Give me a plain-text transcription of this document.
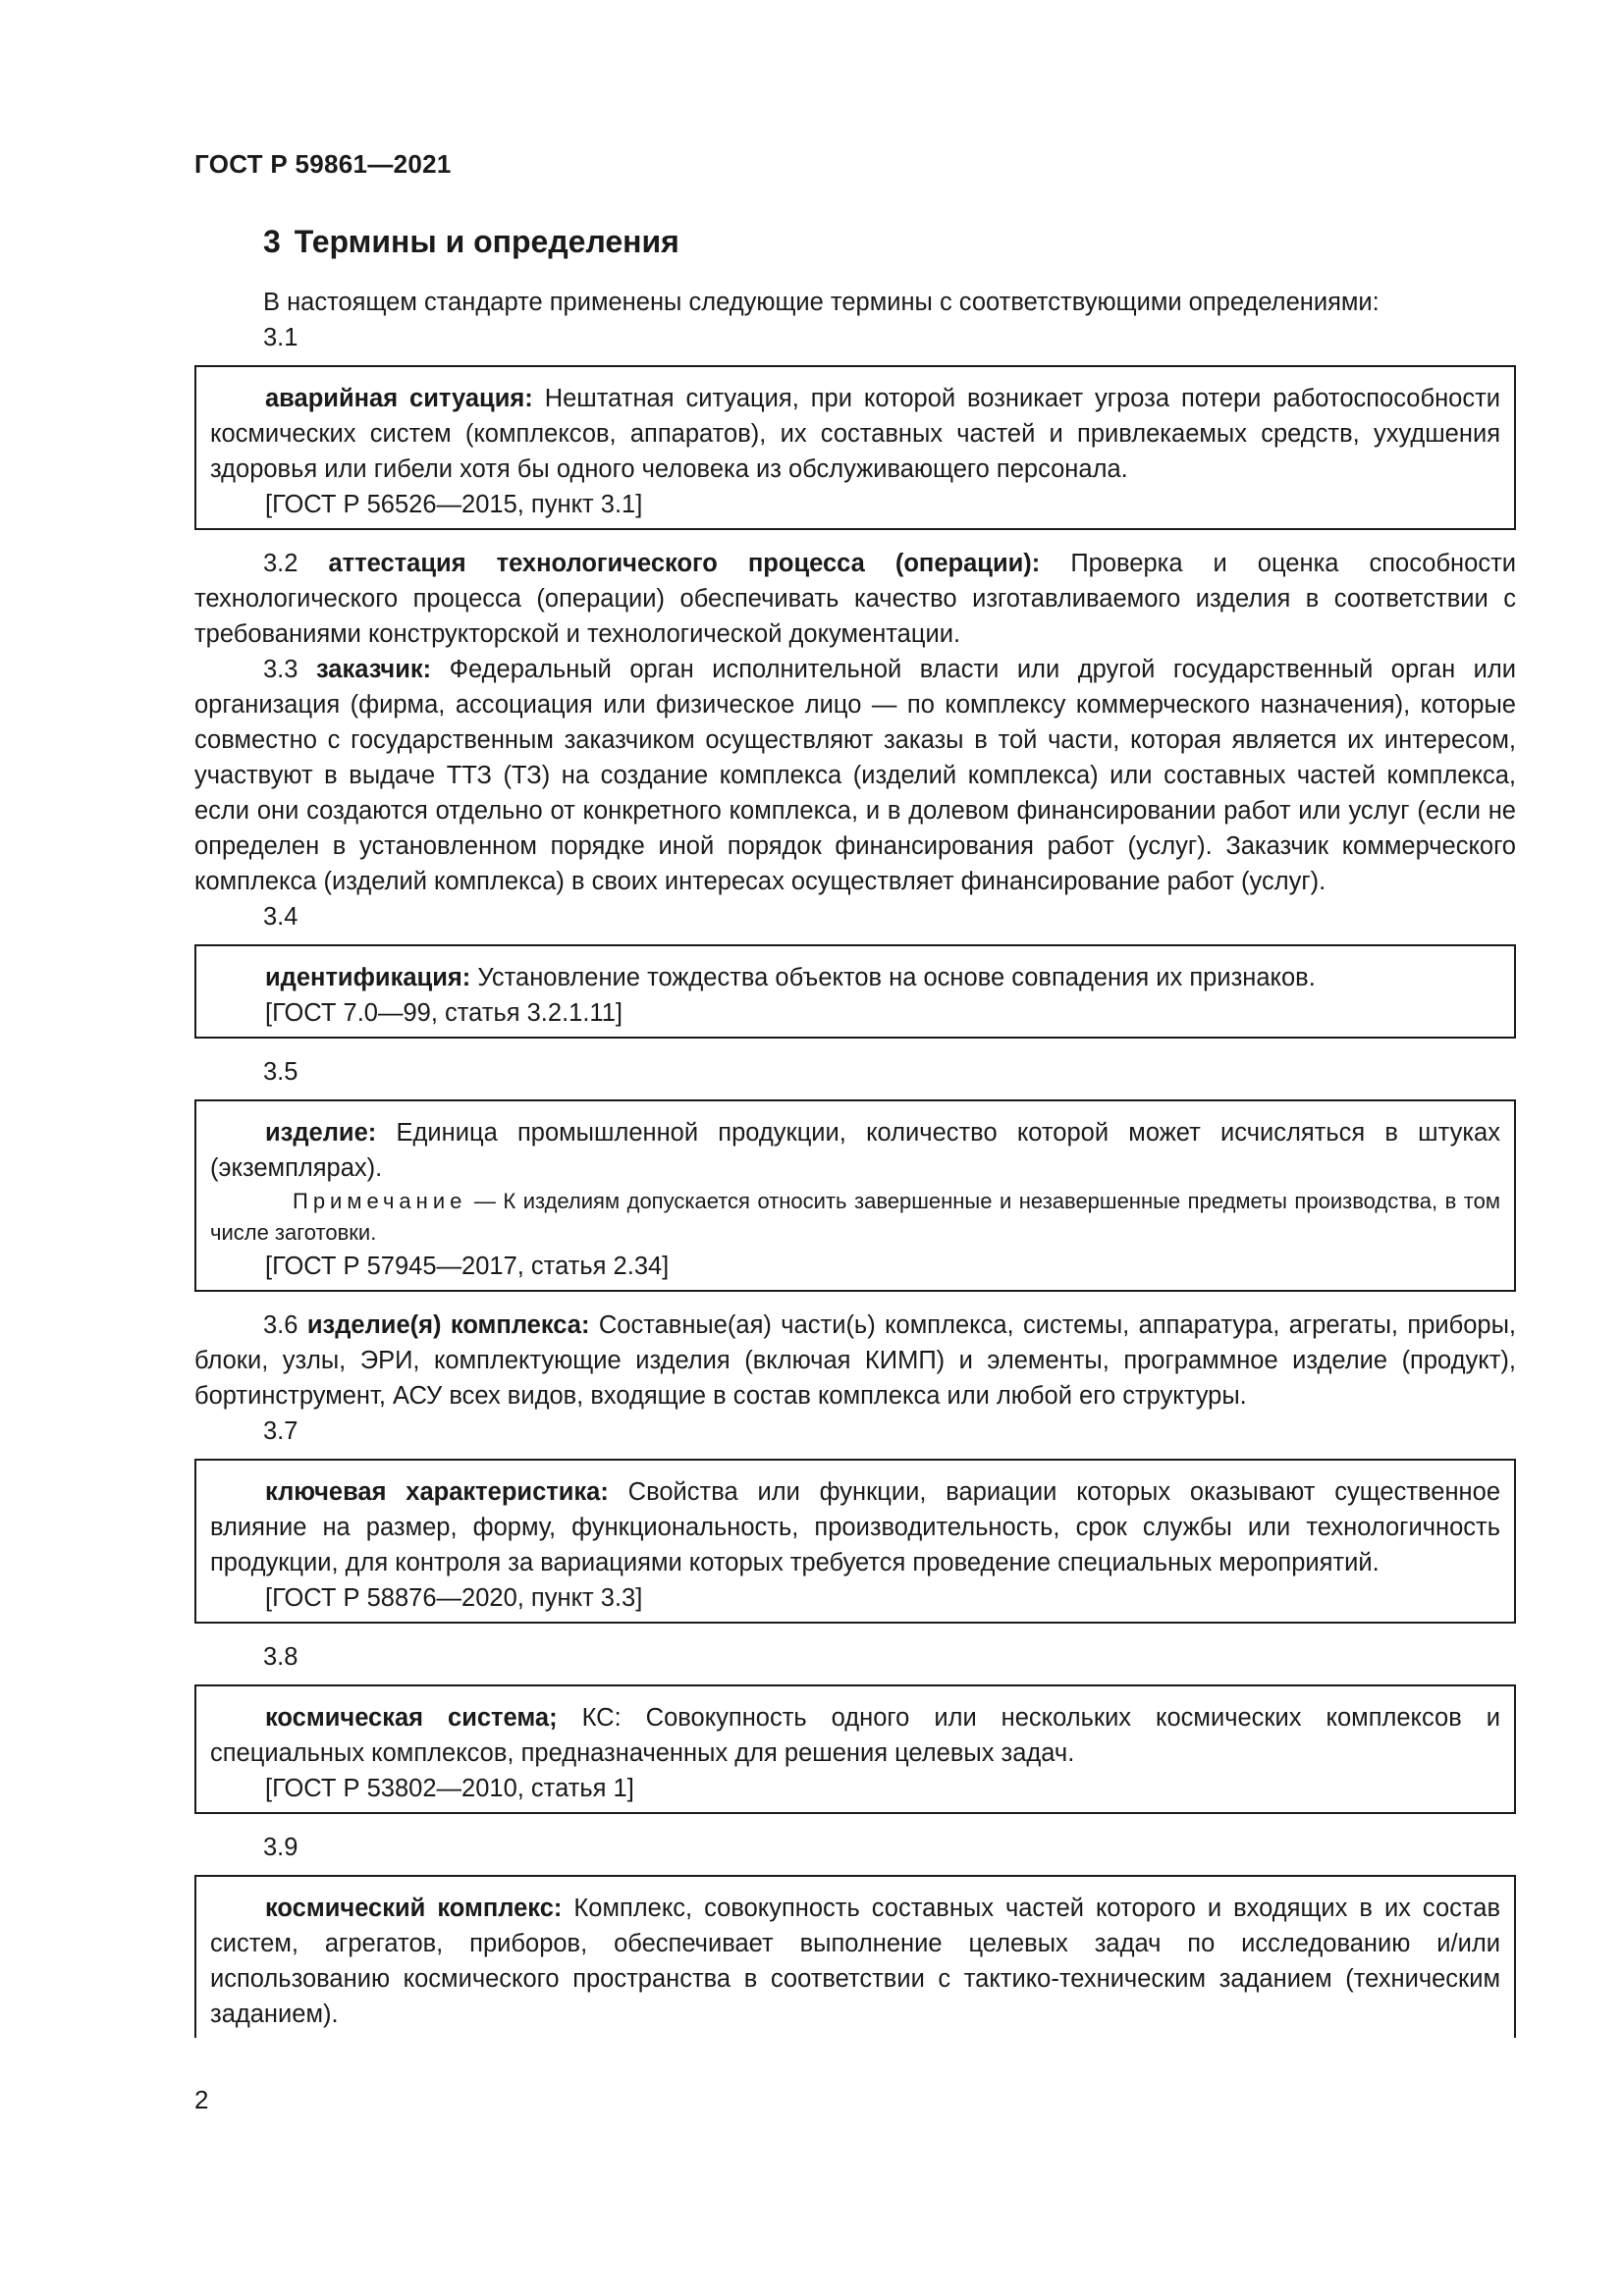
ГОСТ Р 59861—2021
3 Термины и определения

В настоящем стандарте применены следующие термины с соответствующими определениями:

3.1

аварийная ситуация: Нештатная ситуация, при которой возникает угроза потери работоспособности космических систем (комплексов, аппаратов), их составных частей и привлекаемых средств, ухудшения здоровья или гибели хотя бы одного человека из обслуживающего персонала.

[ГОСТ Р 56526—2015, пункт 3.1]

3.2 аттестация технологического процесса (операции): Проверка и оценка способности технологического процесса (операции) обеспечивать качество изготавливаемого изделия в соответствии с требованиями конструкторской и технологической документации.

3.3 заказчик: Федеральный орган исполнительной власти или другой государственный орган или организация (фирма, ассоциация или физическое лицо — по комплексу коммерческого назначения), которые совместно с государственным заказчиком осуществляют заказы в той части, которая является их интересом, участвуют в выдаче ТТЗ (ТЗ) на создание комплекса (изделий комплекса) или составных частей комплекса, если они создаются отдельно от конкретного комплекса, и в долевом финансировании работ или услуг (если не определен в установленном порядке иной порядок финансирования работ (услуг). Заказчик коммерческого комплекса (изделий комплекса) в своих интересах осуществляет финансирование работ (услуг).

3.4

идентификация: Установление тождества объектов на основе совпадения их признаков.

[ГОСТ 7.0—99, статья 3.2.1.11]

3.5

изделие: Единица промышленной продукции, количество которой может исчисляться в штуках (экземплярах).

Примечание — К изделиям допускается относить завершенные и незавершенные предметы производства, в том числе заготовки.

[ГОСТ Р 57945—2017, статья 2.34]

3.6 изделие(я) комплекса: Составные(ая) части(ь) комплекса, системы, аппаратура, агрегаты, приборы, блоки, узлы, ЭРИ, комплектующие изделия (включая КИМП) и элементы, программное изделие (продукт), бортинструмент, АСУ всех видов, входящие в состав комплекса или любой его структуры.

3.7

ключевая характеристика: Свойства или функции, вариации которых оказывают существенное влияние на размер, форму, функциональность, производительность, срок службы или технологичность продукции, для контроля за вариациями которых требуется проведение специальных мероприятий.

[ГОСТ Р 58876—2020, пункт 3.3]

3.8

космическая система; КС: Совокупность одного или нескольких космических комплексов и специальных комплексов, предназначенных для решения целевых задач.

[ГОСТ Р 53802—2010, статья 1]

3.9

космический комплекс: Комплекс, совокупность составных частей которого и входящих в их состав систем, агрегатов, приборов, обеспечивает выполнение целевых задач по исследованию и/или использованию космического пространства в соответствии с тактико-техническим заданием (техническим заданием).

2
